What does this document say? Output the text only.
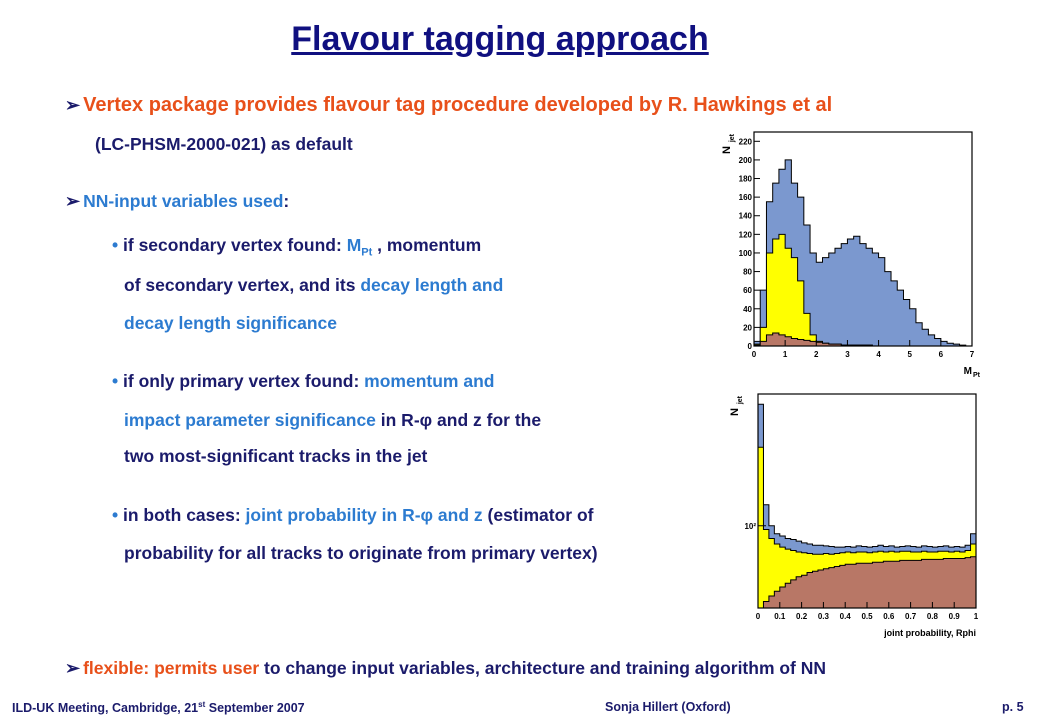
Flavour tagging approach
➢ Vertex package provides flavour tag procedure developed by R. Hawkings et al
(LC-PHSM-2000-021) as default
➢ NN-input variables used:
• if secondary vertex found: $M_{Pt}$ , momentum
of secondary vertex, and its decay length and
decay length significance
• if only primary vertex found: momentum and
impact parameter significance in R-φ and z for the
two most-significant tracks in the jet
• in both cases: joint probability in R-φ and z (estimator of
probability for all tracks to originate from primary vertex)
➢ flexible: permits user to change input variables, architecture and training algorithm of NN
ILD-UK Meeting, Cambridge, 21st September 2007	Sonja Hillert (Oxford)	p. 5
0	1	2	3	4	5	6	7
0
20
40
60
80
100
120
140
160
180
200
220
N
jet
M Pt
0 0.1 0.2 0.3 0.4 0.5 0.6 0.7 0.8 0.9 1
10²
N
jet
joint probability, Rphi
